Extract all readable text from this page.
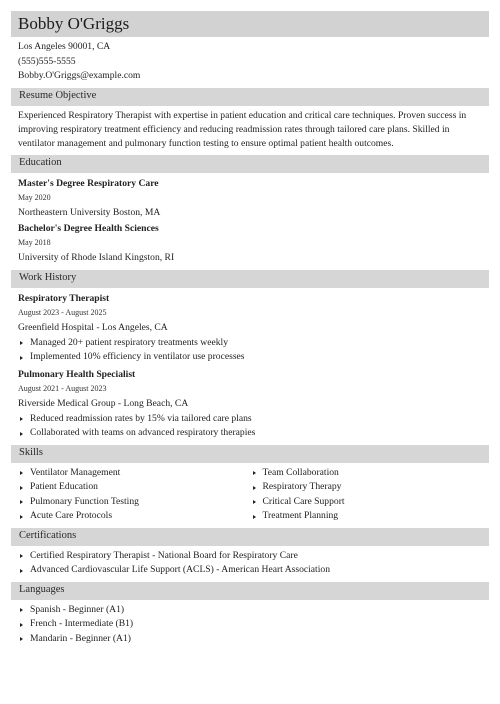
Bobby O'Griggs
Los Angeles 90001, CA
(555)555-5555
Bobby.O'Griggs@example.com
Resume Objective
Experienced Respiratory Therapist with expertise in patient education and critical care techniques. Proven success in improving respiratory treatment efficiency and reducing readmission rates through tailored care plans. Skilled in ventilator management and pulmonary function testing to ensure optimal patient health outcomes.
Education
Master's Degree Respiratory Care
May 2020
Northeastern University Boston, MA
Bachelor's Degree Health Sciences
May 2018
University of Rhode Island Kingston, RI
Work History
Respiratory Therapist
August 2023 - August 2025
Greenfield Hospital - Los Angeles, CA
Managed 20+ patient respiratory treatments weekly
Implemented 10% efficiency in ventilator use processes
Pulmonary Health Specialist
August 2021 - August 2023
Riverside Medical Group - Long Beach, CA
Reduced readmission rates by 15% via tailored care plans
Collaborated with teams on advanced respiratory therapies
Skills
Ventilator Management
Patient Education
Pulmonary Function Testing
Acute Care Protocols
Team Collaboration
Respiratory Therapy
Critical Care Support
Treatment Planning
Certifications
Certified Respiratory Therapist - National Board for Respiratory Care
Advanced Cardiovascular Life Support (ACLS) - American Heart Association
Languages
Spanish - Beginner (A1)
French - Intermediate (B1)
Mandarin - Beginner (A1)
